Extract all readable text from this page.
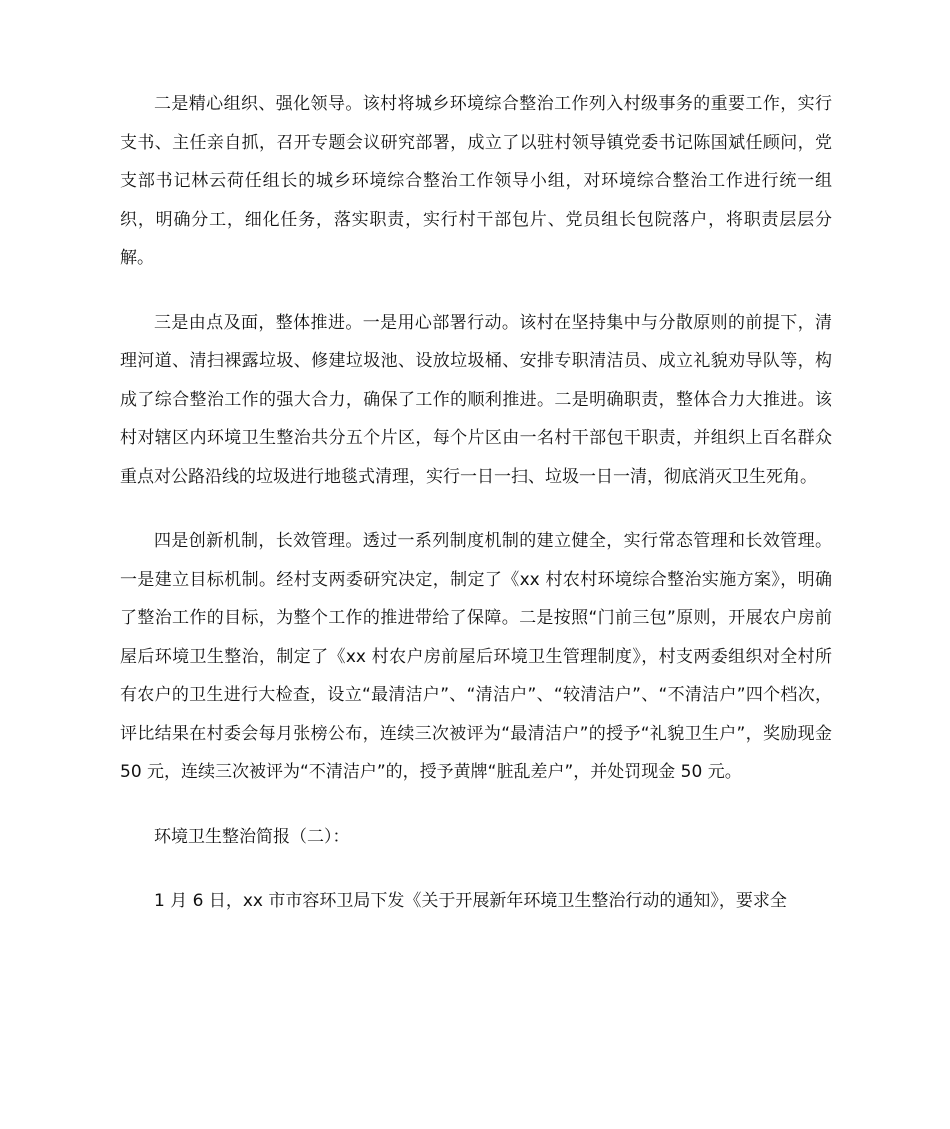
二是精心组织、强化领导。该村将城乡环境综合整治工作列入村级事务的重要工作，实行支书、主任亲自抓，召开专题会议研究部署，成立了以驻村领导镇党委书记陈国斌任顾问，党支部书记林云荷任组长的城乡环境综合整治工作领导小组，对环境综合整治工作进行统一组织，明确分工，细化任务，落实职责，实行村干部包片、党员组长包院落户，将职责层层分解。

三是由点及面，整体推进。一是用心部署行动。该村在坚持集中与分散原则的前提下，清理河道、清扫裸露垃圾、修建垃圾池、设放垃圾桶、安排专职清洁员、成立礼貌劝导队等，构成了综合整治工作的强大合力，确保了工作的顺利推进。二是明确职责，整体合力大推进。该村对辖区内环境卫生整治共分五个片区，每个片区由一名村干部包干职责，并组织上百名群众重点对公路沿线的垃圾进行地毯式清理，实行一日一扫、垃圾一日一清，彻底消灭卫生死角。

四是创新机制，长效管理。透过一系列制度机制的建立健全，实行常态管理和长效管理。一是建立目标机制。经村支两委研究决定，制定了《xx 村农村环境综合整治实施方案》，明确了整治工作的目标，为整个工作的推进带给了保障。二是按照“门前三包”原则，开展农户房前屋后环境卫生整治，制定了《xx 村农户房前屋后环境卫生管理制度》，村支两委组织对全村所有农户的卫生进行大检查，设立“最清洁户”、“清洁户”、“较清洁户”、“不清洁户”四个档次，评比结果在村委会每月张榜公布，连续三次被评为“最清洁户”的授予“礼貌卫生户”，奖励现金 50 元，连续三次被评为“不清洁户”的，授予黄牌“脏乱差户”，并处罚现金 50 元。

环境卫生整治简报（二）：

1 月 6 日，xx 市市容环卫局下发《关于开展新年环境卫生整治行动的通知》，要求全
